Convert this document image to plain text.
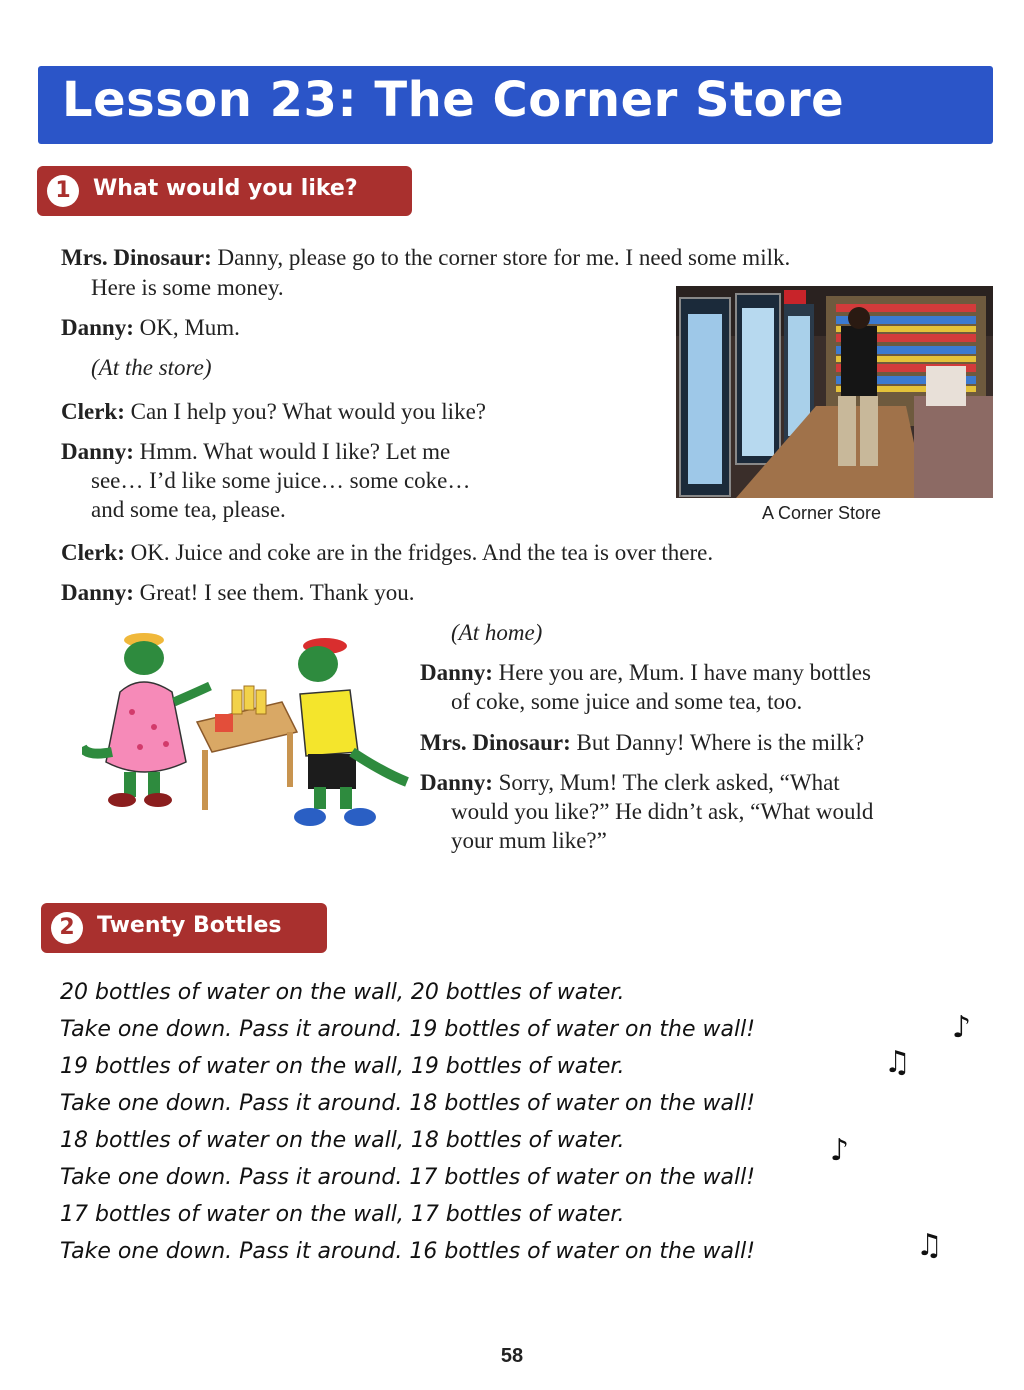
Lesson 23: The Corner Store
1	What would you like?
Mrs. Dinosaur: Danny, please go to the corner store for me. I need some milk.
Here is some money.
Danny: OK, Mum.
(At the store)
Clerk: Can I help you? What would you like?
Danny: Hmm. What would I like? Let me
see… I’d like some juice… some coke…
and some tea, please.
Clerk: OK. Juice and coke are in the fridges. And the tea is over there.
Danny: Great! I see them. Thank you.
(At home)
Danny: Here you are, Mum. I have many bottles
of coke, some juice and some tea, too.
Mrs. Dinosaur: But Danny! Where is the milk?
Danny: Sorry, Mum! The clerk asked, “What
would you like?” He didn’t ask, “What would
your mum like?”
A Corner Store
2	Twenty Bottles
20 bottles of water on the wall, 20 bottles of water.
Take one down. Pass it around. 19 bottles of water on the wall!
19 bottles of water on the wall, 19 bottles of water.
Take one down. Pass it around. 18 bottles of water on the wall!
18 bottles of water on the wall, 18 bottles of water.
Take one down. Pass it around. 17 bottles of water on the wall!
17 bottles of water on the wall, 17 bottles of water.
Take one down. Pass it around. 16 bottles of water on the wall!
♪
♫
♪
♫
58
